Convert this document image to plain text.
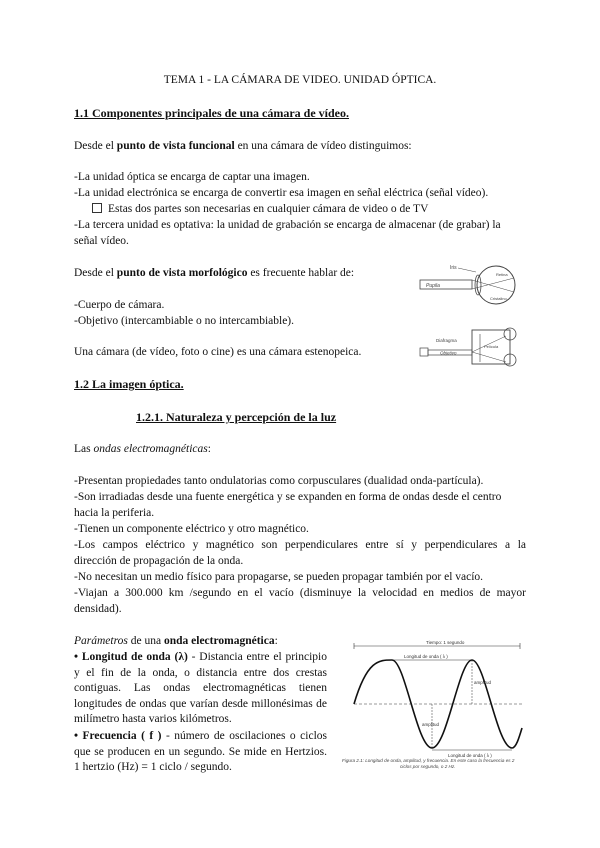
TEMA 1 - LA CÁMARA DE VIDEO. UNIDAD ÓPTICA.
1.1 Componentes principales de una cámara de vídeo.
Desde el punto de vista funcional en una cámara de vídeo distinguimos:
-La unidad óptica se encarga de captar una imagen.
-La unidad electrónica se encarga de convertir esa imagen en señal eléctrica (señal vídeo).
Estas dos partes son necesarias en cualquier cámara de video o de TV
-La tercera unidad es optativa: la unidad de grabación se encarga de almacenar (de grabar) la
señal vídeo.
Desde el punto de vista morfológico es frecuente hablar de:
-Cuerpo de cámara.
-Objetivo (intercambiable o no intercambiable).
Una cámara (de vídeo, foto o cine) es una cámara estenopeica.
Pupila
Iris
Retina
Cristalino
Objetivo
Diafragma
Película
1.2 La imagen óptica.
1.2.1. Naturaleza y percepción de la luz
Las ondas electromagnéticas:
-Presentan propiedades tanto ondulatorias como corpusculares (dualidad onda-partícula).
-Son irradiadas desde una fuente energética y se expanden en forma de ondas desde el centro
hacia la periferia.
-Tienen un componente eléctrico y otro magnético.
-Los campos eléctrico y magnético son perpendiculares entre sí y perpendiculares a la
dirección de propagación de la onda.
-No necesitan un medio físico para propagarse, se pueden propagar también por el vacío.
-Viajan a 300.000 km /segundo en el vacío (disminuye la velocidad en medios de mayor
densidad).
Parámetros de una onda electromagnética:
• Longitud de onda (λ) - Distancia entre el principio y el fin de la onda, o distancia entre dos crestas contiguas. Las ondas electromagnéticas tienen longitudes de ondas que varían desde millonésimas de milímetro hasta varios kilómetros.
• Frecuencia ( f ) - número de oscilaciones o ciclos que se producen en un segundo. Se mide en Hertzios. 1 hertzio (Hz) = 1 ciclo / segundo.
Tiempo: 1 segundo
Longitud de onda ( λ )
amplitud
amplitud
Longitud de onda ( λ )
Figura 2.1: Longitud de onda, amplitud, y frecuencia. En este caso la frecuencia es 2
ciclos por segundo, o 2 Hz.
